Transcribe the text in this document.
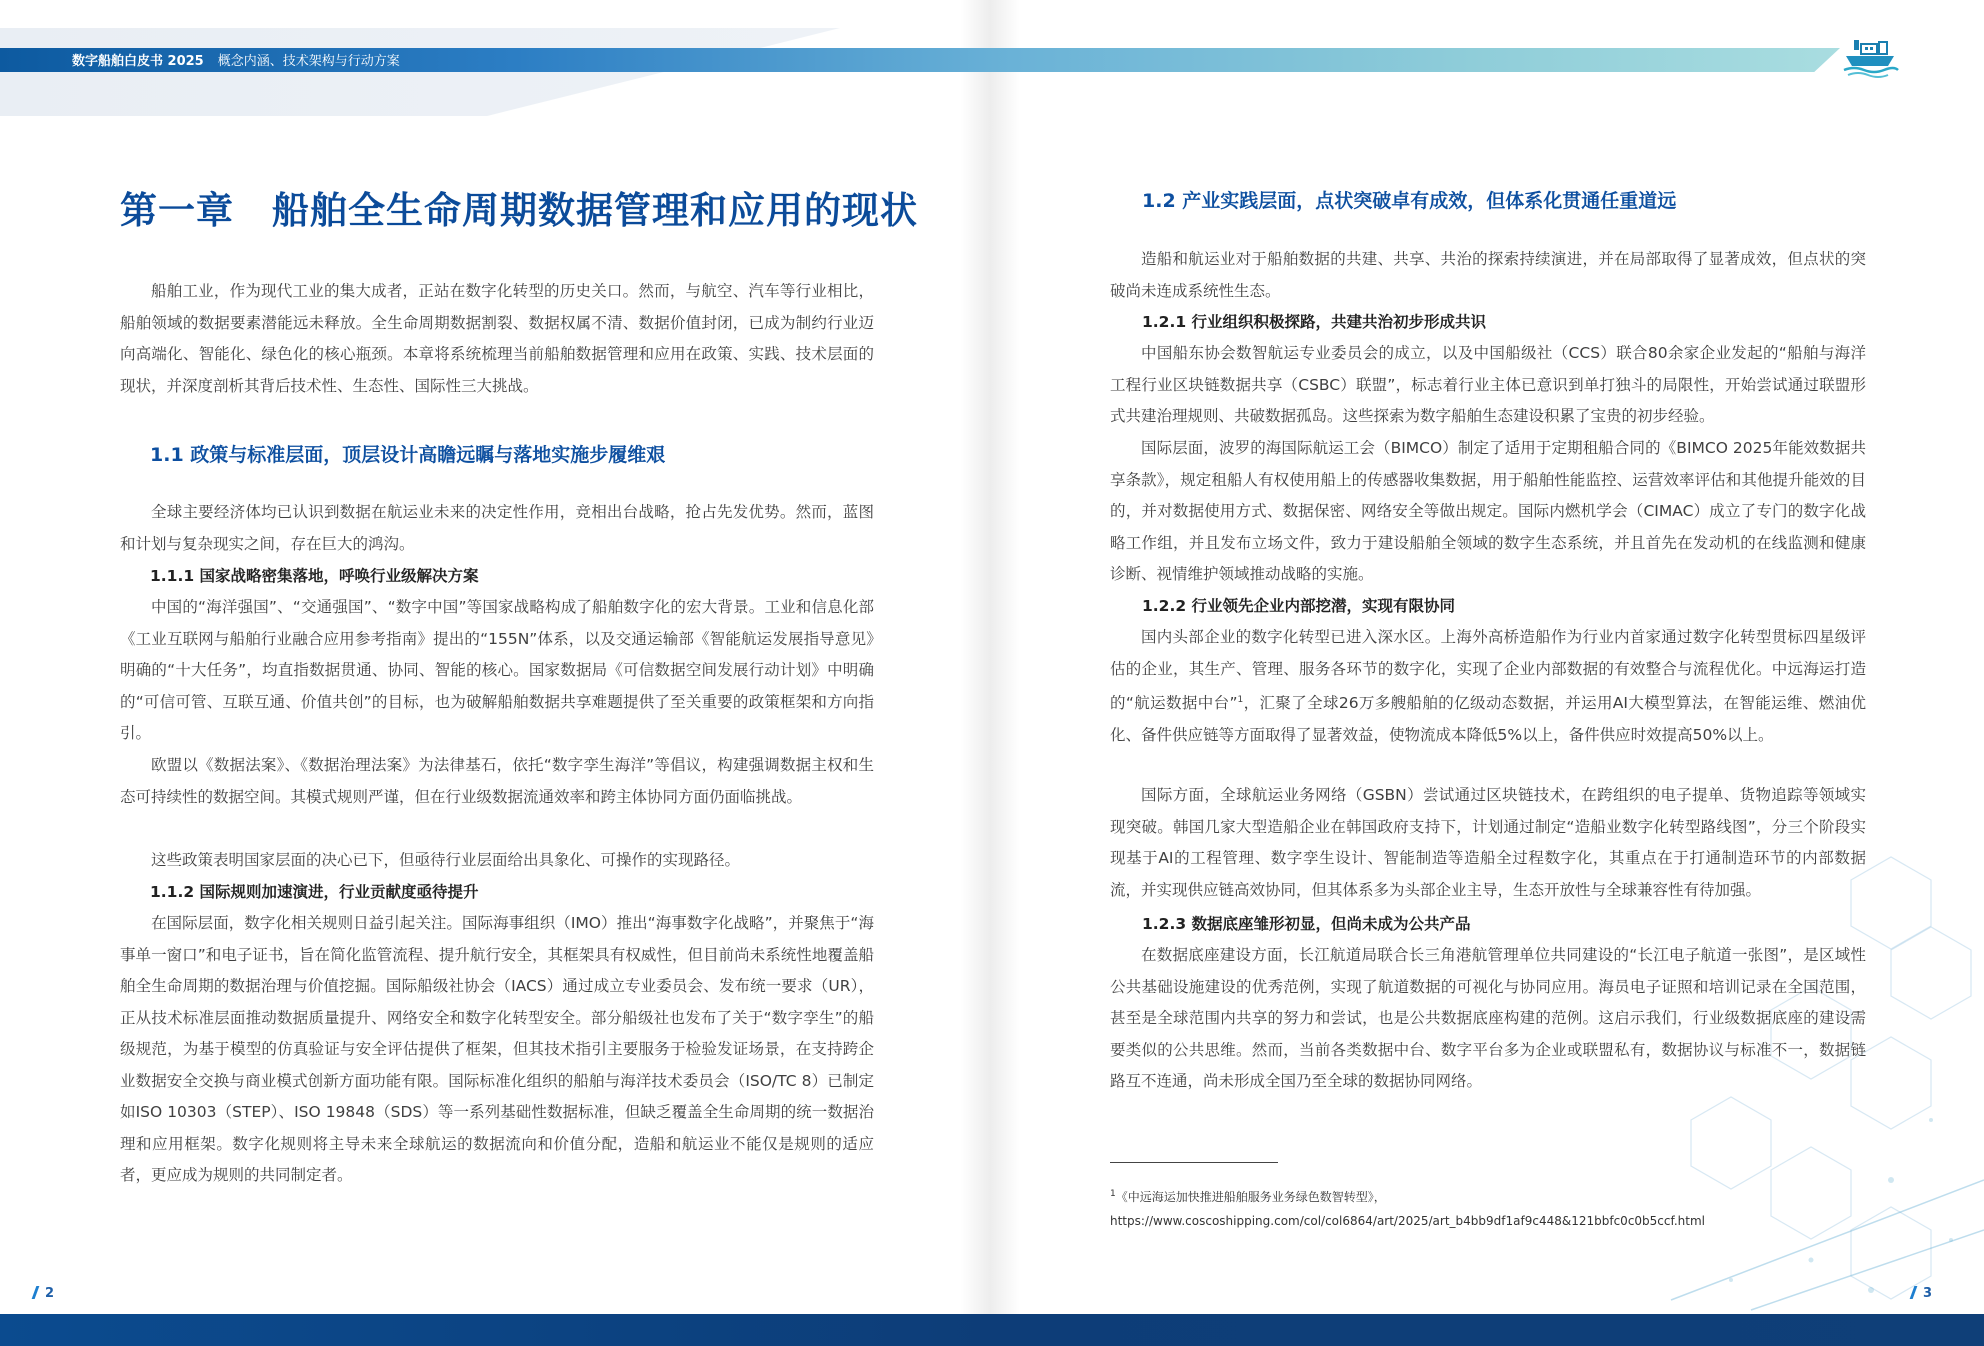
数字船舶白皮书 2025 概念内涵、技术架构与行动方案
第一章　船舶全生命周期数据管理和应用的现状
船舶工业，作为现代工业的集大成者，正站在数字化转型的历史关口。然而，与航空、汽车等行业相比，船舶领域的数据要素潜能远未释放。全生命周期数据割裂、数据权属不清、数据价值封闭，已成为制约行业迈向高端化、智能化、绿色化的核心瓶颈。本章将系统梳理当前船舶数据管理和应用在政策、实践、技术层面的现状，并深度剖析其背后技术性、生态性、国际性三大挑战。
1.1 政策与标准层面，顶层设计高瞻远瞩与落地实施步履维艰
全球主要经济体均已认识到数据在航运业未来的决定性作用，竞相出台战略，抢占先发优势。然而，蓝图和计划与复杂现实之间，存在巨大的鸿沟。
1.1.1 国家战略密集落地，呼唤行业级解决方案
中国的“海洋强国”、“交通强国”、“数字中国”等国家战略构成了船舶数字化的宏大背景。工业和信息化部《工业互联网与船舶行业融合应用参考指南》提出的“155N”体系，以及交通运输部《智能航运发展指导意见》明确的“十大任务”，均直指数据贯通、协同、智能的核心。国家数据局《可信数据空间发展行动计划》中明确的“可信可管、互联互通、价值共创”的目标，也为破解船舶数据共享难题提供了至关重要的政策框架和方向指引。
欧盟以《数据法案》、《数据治理法案》为法律基石，依托“数字孪生海洋”等倡议，构建强调数据主权和生态可持续性的数据空间。其模式规则严谨，但在行业级数据流通效率和跨主体协同方面仍面临挑战。
这些政策表明国家层面的决心已下，但亟待行业层面给出具象化、可操作的实现路径。
1.1.2 国际规则加速演进，行业贡献度亟待提升
在国际层面，数字化相关规则日益引起关注。国际海事组织（IMO）推出“海事数字化战略”，并聚焦于“海事单一窗口”和电子证书，旨在简化监管流程、提升航行安全，其框架具有权威性，但目前尚未系统性地覆盖船舶全生命周期的数据治理与价值挖掘。国际船级社协会（IACS）通过成立专业委员会、发布统一要求（UR），正从技术标准层面推动数据质量提升、网络安全和数字化转型安全。部分船级社也发布了关于“数字孪生”的船级规范，为基于模型的仿真验证与安全评估提供了框架，但其技术指引主要服务于检验发证场景，在支持跨企业数据安全交换与商业模式创新方面功能有限。国际标准化组织的船舶与海洋技术委员会（ISO/TC 8）已制定如ISO 10303（STEP）、ISO 19848（SDS）等一系列基础性数据标准，但缺乏覆盖全生命周期的统一数据治理和应用框架。数字化规则将主导未来全球航运的数据流向和价值分配，造船和航运业不能仅是规则的适应者，更应成为规则的共同制定者。
2
1.2 产业实践层面，点状突破卓有成效，但体系化贯通任重道远
造船和航运业对于船舶数据的共建、共享、共治的探索持续演进，并在局部取得了显著成效，但点状的突破尚未连成系统性生态。
1.2.1 行业组织积极探路，共建共治初步形成共识
中国船东协会数智航运专业委员会的成立，以及中国船级社（CCS）联合80余家企业发起的“船舶与海洋工程行业区块链数据共享（CSBC）联盟”，标志着行业主体已意识到单打独斗的局限性，开始尝试通过联盟形式共建治理规则、共破数据孤岛。这些探索为数字船舶生态建设积累了宝贵的初步经验。
国际层面，波罗的海国际航运工会（BIMCO）制定了适用于定期租船合同的《BIMCO 2025年能效数据共享条款》，规定租船人有权使用船上的传感器收集数据，用于船舶性能监控、运营效率评估和其他提升能效的目的，并对数据使用方式、数据保密、网络安全等做出规定。国际内燃机学会（CIMAC）成立了专门的数字化战略工作组，并且发布立场文件，致力于建设船舶全领域的数字生态系统，并且首先在发动机的在线监测和健康诊断、视情维护领域推动战略的实施。
1.2.2 行业领先企业内部挖潜，实现有限协同
国内头部企业的数字化转型已进入深水区。上海外高桥造船作为行业内首家通过数字化转型贯标四星级评估的企业，其生产、管理、服务各环节的数字化，实现了企业内部数据的有效整合与流程优化。中远海运打造的“航运数据中台”$^1$，汇聚了全球26万多艘船舶的亿级动态数据，并运用AI大模型算法，在智能运维、燃油优化、备件供应链等方面取得了显著效益，使物流成本降低5%以上，备件供应时效提高50%以上。
国际方面，全球航运业务网络（GSBN）尝试通过区块链技术，在跨组织的电子提单、货物追踪等领域实现突破。韩国几家大型造船企业在韩国政府支持下，计划通过制定“造船业数字化转型路线图”，分三个阶段实现基于AI的工程管理、数字孪生设计、智能制造等造船全过程数字化，其重点在于打通制造环节的内部数据流，并实现供应链高效协同，但其体系多为头部企业主导，生态开放性与全球兼容性有待加强。
1.2.3 数据底座雏形初显，但尚未成为公共产品
在数据底座建设方面，长江航道局联合长三角港航管理单位共同建设的“长江电子航道一张图”，是区域性公共基础设施建设的优秀范例，实现了航道数据的可视化与协同应用。海员电子证照和培训记录在全国范围，甚至是全球范围内共享的努力和尝试，也是公共数据底座构建的范例。这启示我们，行业级数据底座的建设需要类似的公共思维。然而，当前各类数据中台、数字平台多为企业或联盟私有，数据协议与标准不一，数据链路互不连通，尚未形成全国乃至全球的数据协同网络。
$^1$《中远海运加快推进船舶服务业务绿色数智转型》，
https://www.coscoshipping.com/col/col6864/art/2025/art_b4bb9df1af9c448&121bbfc0c0b5ccf.html
3
